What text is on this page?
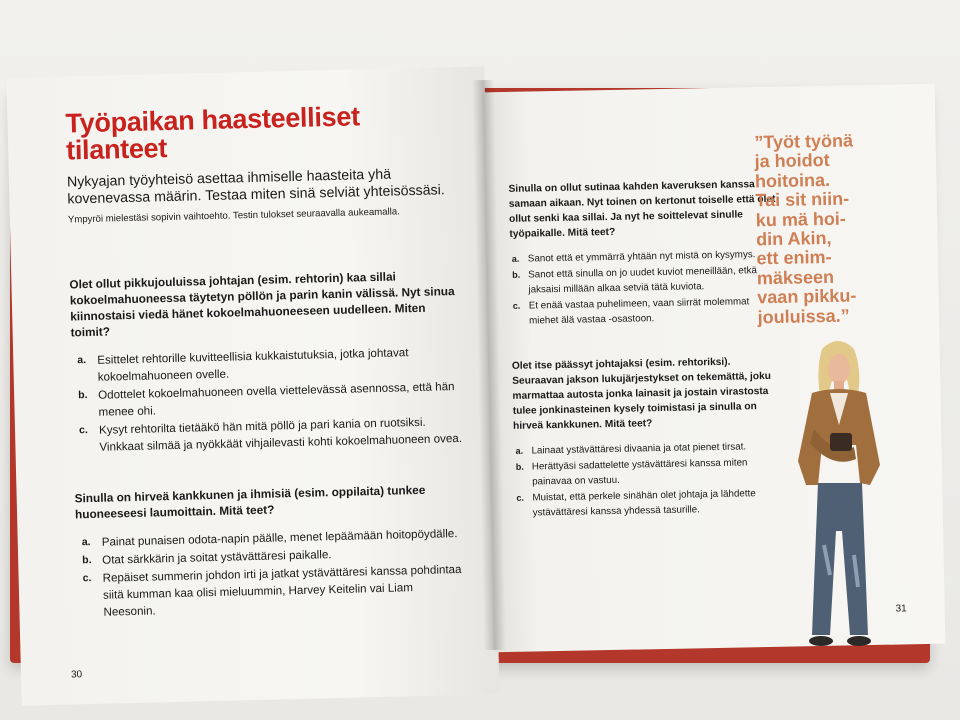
Työpaikan haasteelliset
tilanteet

Nykyajan työyhteisö asettaa ihmiselle haasteita yhä kovenevassa määrin. Testaa miten sinä selviät yhteisössäsi.

Ympyröi mielestäsi sopivin vaihtoehto. Testin tulokset seuraavalla aukeamalla.

Olet ollut pikkujouluissa johtajan (esim. rehtorin) kaa sillai kokoelmahuoneessa täytetyn pöllön ja parin kanin välissä. Nyt sinua kiinnostaisi viedä hänet kokoelmahuoneeseen uudelleen. Miten toimit?

a. Esittelet rehtorille kuvitteellisia kukkaistutuksia, jotka johtavat kokoelmahuoneen ovelle.
b. Odottelet kokoelmahuoneen ovella viettelevässä asennossa, että hän menee ohi.
c. Kysyt rehtorilta tietääkö hän mitä pöllö ja pari kania on ruotsiksi. Vinkkaat silmää ja nyökkäät vihjailevasti kohti kokoelmahuoneen ovea.

Sinulla on hirveä kankkunen ja ihmisiä (esim. oppilaita) tunkee huoneeseesi laumoittain. Mitä teet?

a. Painat punaisen odota-napin päälle, menet lepäämään hoitopöydälle.
b. Otat särkkärin ja soitat ystävättäresi paikalle.
c. Repäiset summerin johdon irti ja jatkat ystävättäresi kanssa pohdintaa siitä kumman kaa olisi mieluummin, Harvey Keitelin vai Liam Neesonin.
30

Sinulla on ollut sutinaa kahden kaveruksen kanssa samaan aikaan. Nyt toinen on kertonut toiselle että olet ollut senki kaa sillai. Ja nyt he soittelevat sinulle työpaikalle. Mitä teet?

a. Sanot että et ymmärrä yhtään nyt mistä on kysymys.
b. Sanot että sinulla on jo uudet kuviot meneillään, etkä jaksaisi millään alkaa setviä tätä kuviota.
c. Et enää vastaa puhelimeen, vaan siirrät molemmat miehet älä vastaa -osastoon.

Olet itse päässyt johtajaksi (esim. rehtoriksi). Seuraavan jakson lukujärjestykset on tekemättä, joku marmattaa autosta jonka lainasit ja jostain virastosta tulee jonkinasteinen kysely toimistasi ja sinulla on hirveä kankkunen. Mitä teet?

a. Lainaat ystävättäresi divaania ja otat pienet tirsat.
b. Herättyäsi sadattelette ystävättäresi kanssa miten painavaa on vastuu.
c. Muistat, että perkele sinähän olet johtaja ja lähdette ystävättäresi kanssa yhdessä tasurille.
31
”Työt työnä
ja hoidot
hoitoina.
Tai sit niin-
ku mä hoi-
din Akin,
ett enim-
mäkseen
vaan pikku-
jouluissa.”
